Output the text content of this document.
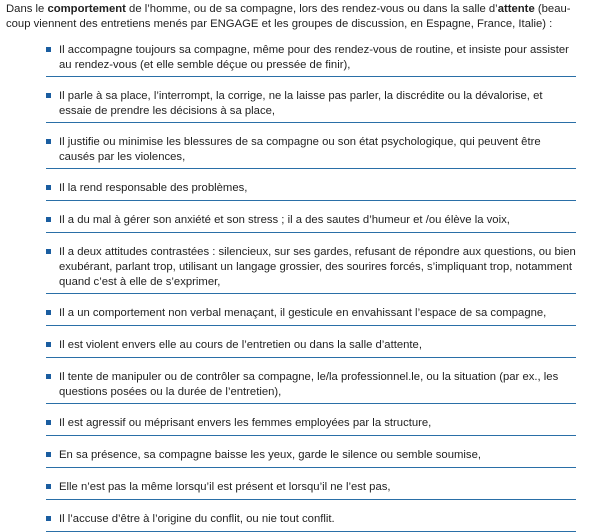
Dans le comportement de l’homme, ou de sa compagne, lors des rendez-vous ou dans la salle d’attente (beau-coup viennent des entretiens menés par ENGAGE et les groupes de discussion, en Espagne, France, Italie) :

Il accompagne toujours sa compagne, même pour des rendez-vous de routine, et insiste pour assister au rendez-vous (et elle semble déçue ou pressée de finir),
Il parle à sa place, l’interrompt, la corrige, ne la laisse pas parler, la discrédite ou la dévalorise, et essaie de prendre les décisions à sa place,
Il justifie ou minimise les blessures de sa compagne ou son état psychologique, qui peuvent être causés par les violences,
Il la rend responsable des problèmes,
Il a du mal à gérer son anxiété et son stress ; il a des sautes d’humeur et /ou élève la voix,
Il a deux attitudes contrastées : silencieux, sur ses gardes, refusant de répondre aux questions, ou bien exubérant, parlant trop, utilisant un langage grossier, des sourires forcés, s’impliquant trop, notamment quand c’est à elle de s’exprimer,
Il a un comportement non verbal menaçant, il gesticule en envahissant l’espace de sa compagne,
Il est violent envers elle au cours de l’entretien ou dans la salle d’attente,
Il tente de manipuler ou de contrôler sa compagne, le/la professionnel.le, ou la situation (par ex., les questions posées ou la durée de l’entretien),
Il est agressif ou méprisant envers les femmes employées par la structure,
En sa présence, sa compagne baisse les yeux, garde le silence ou semble soumise,
Elle n’est pas la même lorsqu’il est présent et lorsqu’il ne l’est pas,
Il l’accuse d’être à l’origine du conflit, ou nie tout conflit.
